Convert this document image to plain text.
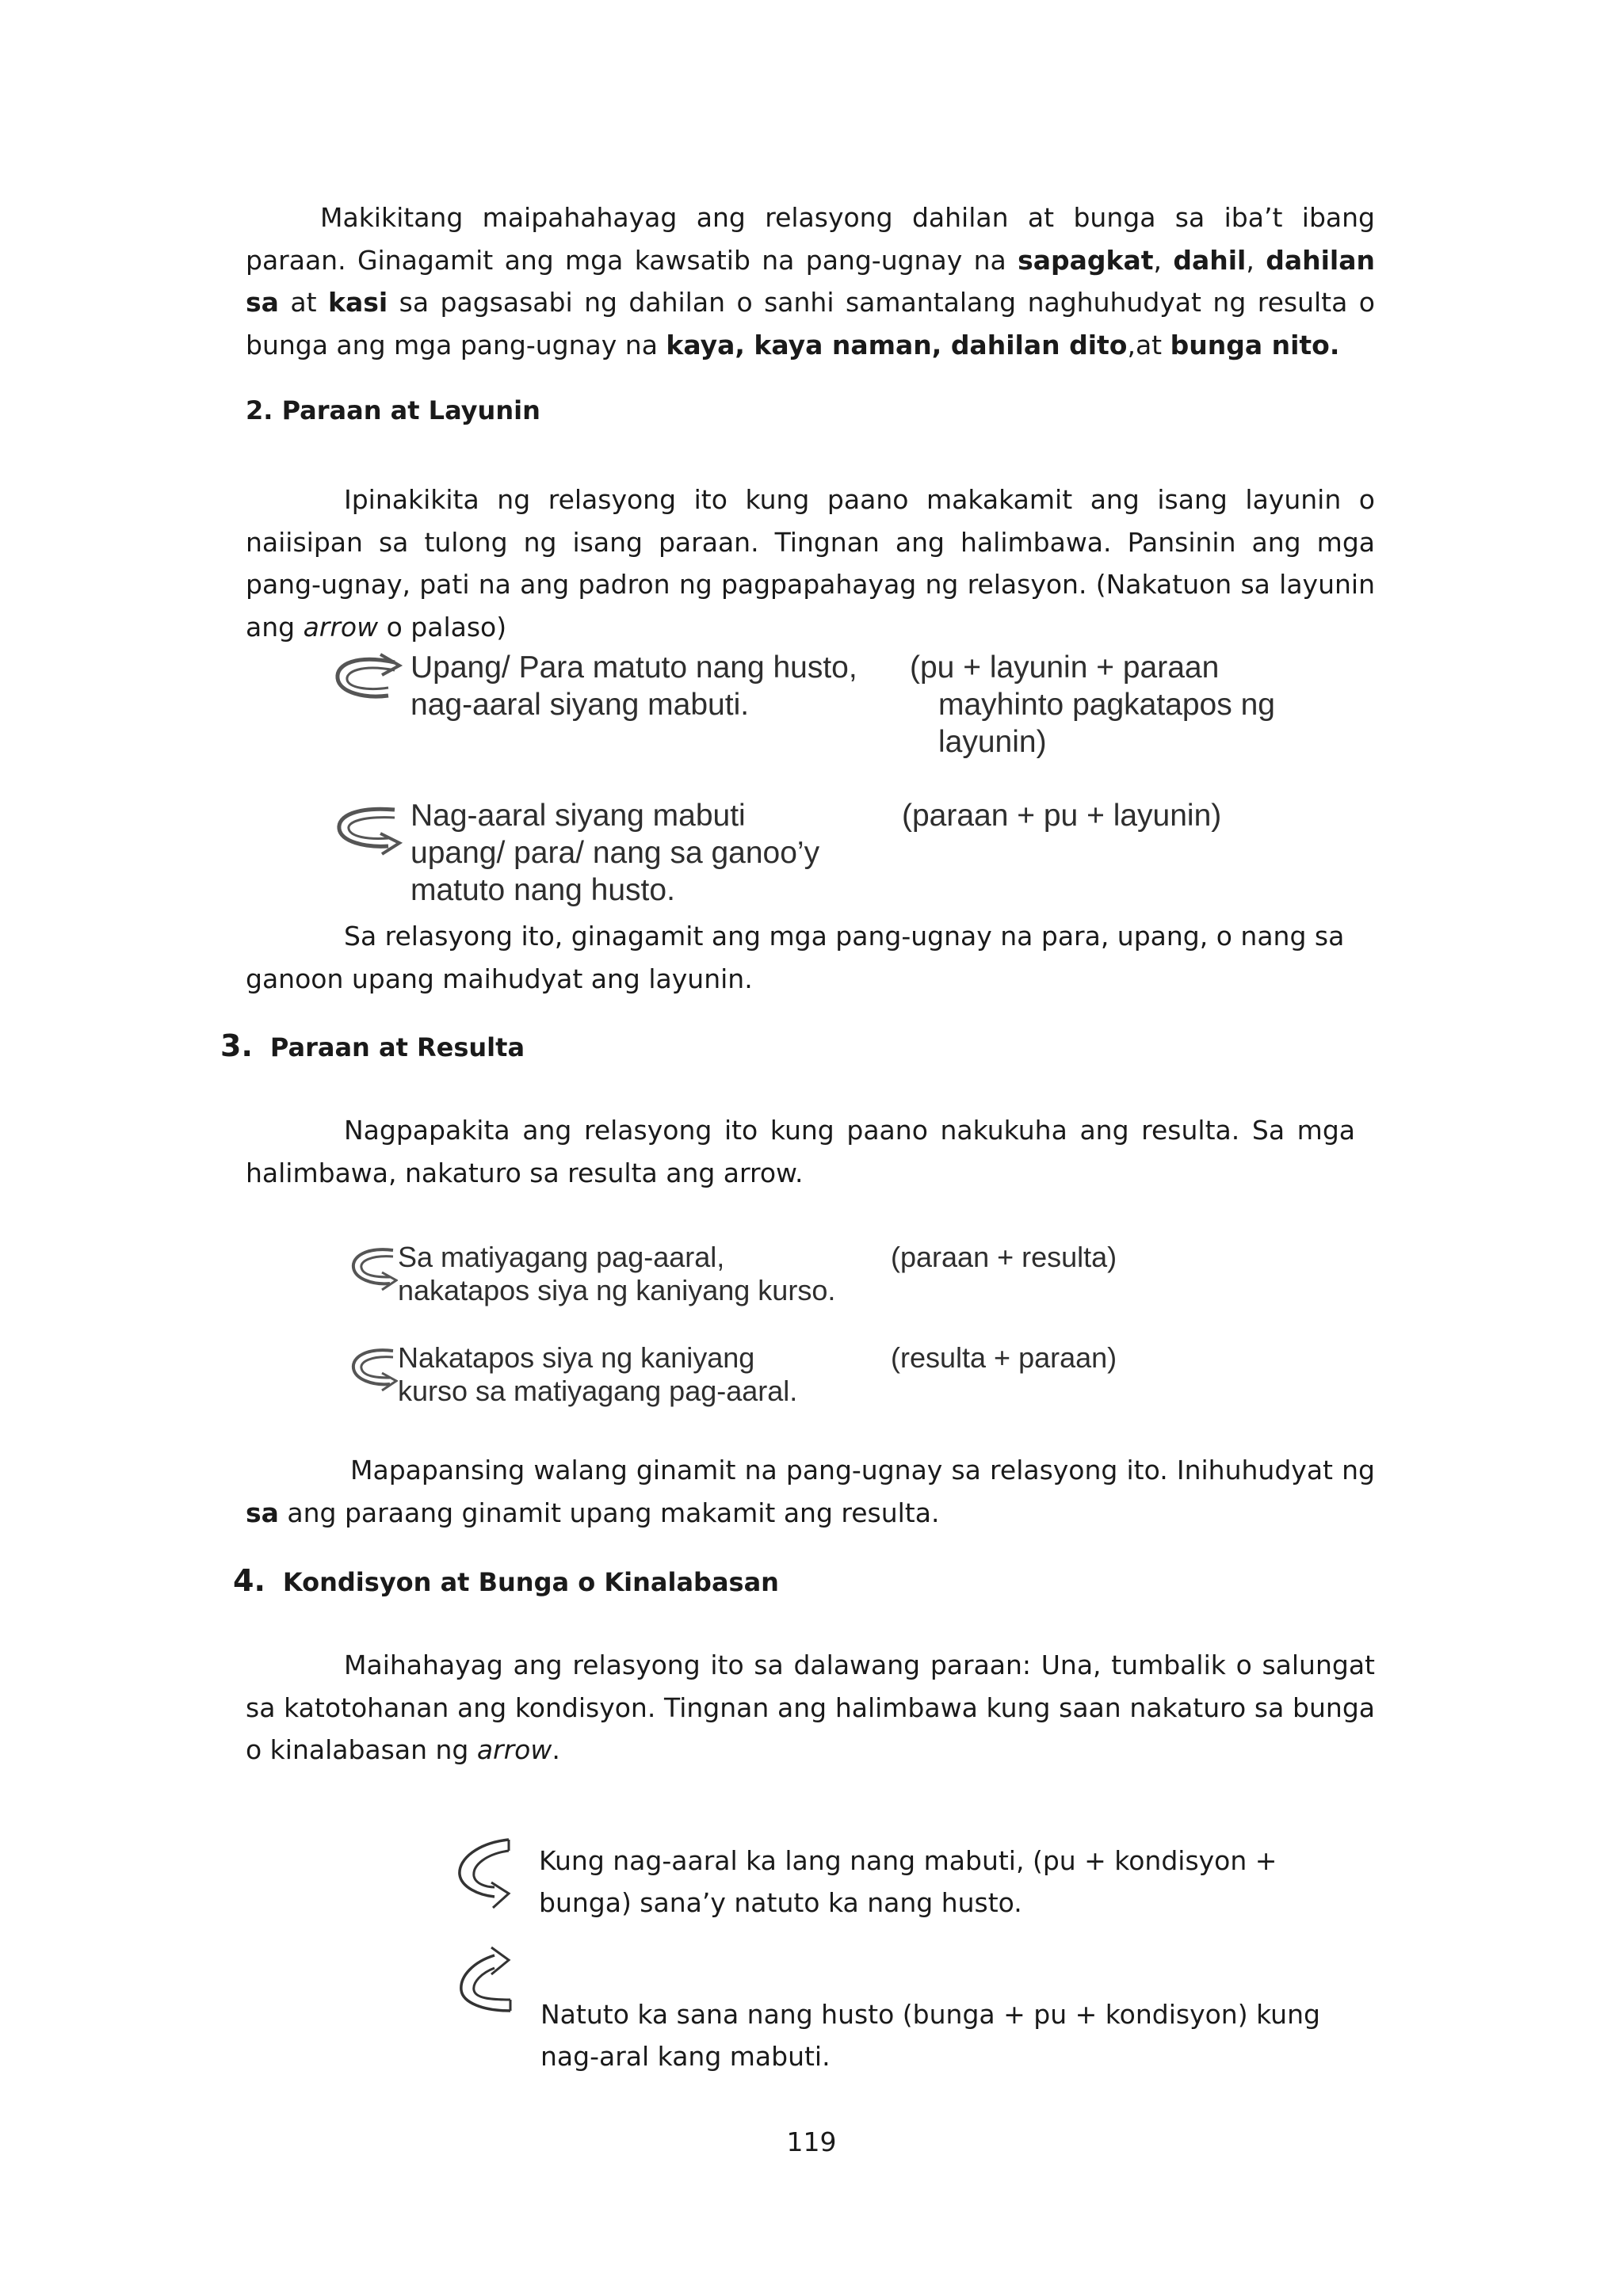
Makikitang maipahahayag ang relasyong dahilan at bunga sa iba’t ibang paraan. Ginagamit ang mga kawsatib na pang-ugnay na sapagkat, dahil, dahilan sa at kasi sa pagsasabi ng dahilan o sanhi samantalang naghuhudyat ng resulta o bunga ang mga pang-ugnay na kaya, kaya naman, dahilan dito,at bunga nito.
2. Paraan at Layunin
Ipinakikita ng relasyong ito kung paano makakamit ang isang layunin o naiisipan sa tulong ng isang paraan. Tingnan ang halimbawa. Pansinin ang mga pang-ugnay, pati na ang padron ng pagpapahayag ng relasyon. (Nakatuon sa layunin ang arrow o palaso)
Upang/ Para matuto nang husto,
nag-aaral siyang mabuti.
(pu + layunin + paraan
mayhinto pagkatapos ng
layunin)
Nag-aaral siyang mabuti
upang/ para/ nang sa ganoo’y
matuto nang husto.
(paraan + pu + layunin)
Sa relasyong ito, ginagamit ang mga pang-ugnay na para, upang, o nang sa ganoon upang maihudyat ang layunin.
3. Paraan at Resulta
Nagpapakita ang relasyong ito kung paano nakukuha ang resulta. Sa mga halimbawa, nakaturo sa resulta ang arrow.
Sa matiyagang pag-aaral,
nakatapos siya ng kaniyang kurso.
(paraan + resulta)
Nakatapos siya ng kaniyang
kurso sa matiyagang pag-aaral.
(resulta + paraan)
Mapapansing walang ginamit na pang-ugnay sa relasyong ito. Inihuhudyat ng sa ang paraang ginamit upang makamit ang resulta.
4. Kondisyon at Bunga o Kinalabasan
Maihahayag ang relasyong ito sa dalawang paraan: Una, tumbalik o salungat sa katotohanan ang kondisyon. Tingnan ang halimbawa kung saan nakaturo sa bunga o kinalabasan ng arrow.
Kung nag-aaral ka lang nang mabuti, (pu + kondisyon +
bunga) sana’y natuto ka nang husto.
Natuto ka sana nang husto (bunga + pu + kondisyon) kung
nag-aral kang mabuti.
119
